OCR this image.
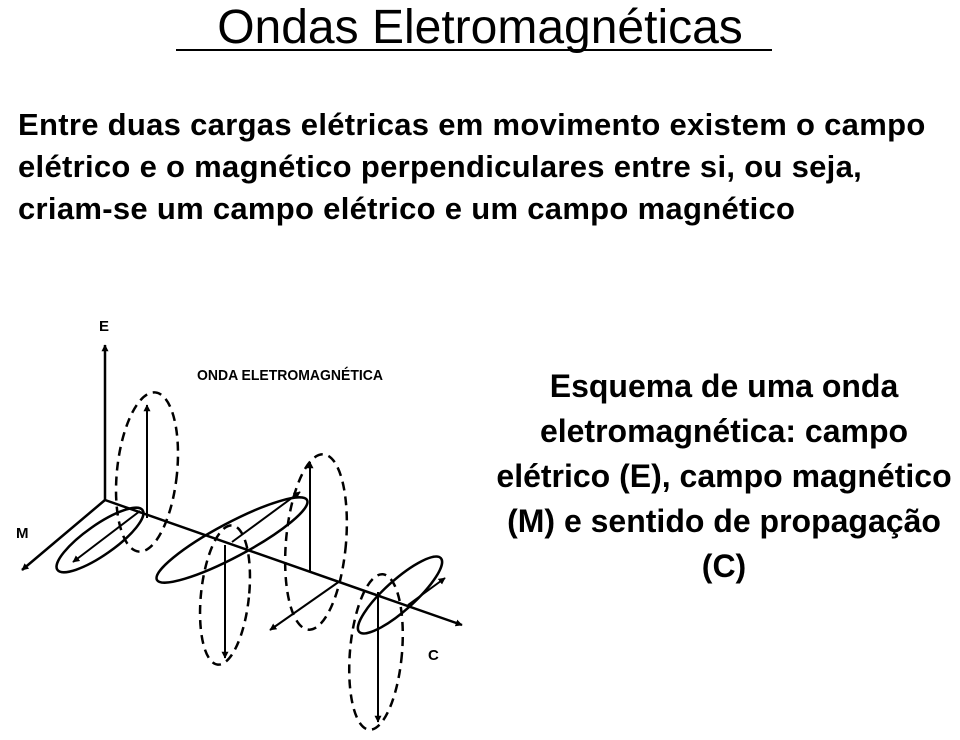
Ondas Eletromagnéticas

Entre duas cargas elétricas em movimento existem o campo elétrico e o magnético perpendiculares entre si, ou seja, criam-se um campo elétrico e um campo magnético

E
M
C
ONDA ELETROMAGNÉTICA	Esquema de uma onda eletromagnética: campo elétrico (E), campo magnético (M) e sentido de propagação (C)
